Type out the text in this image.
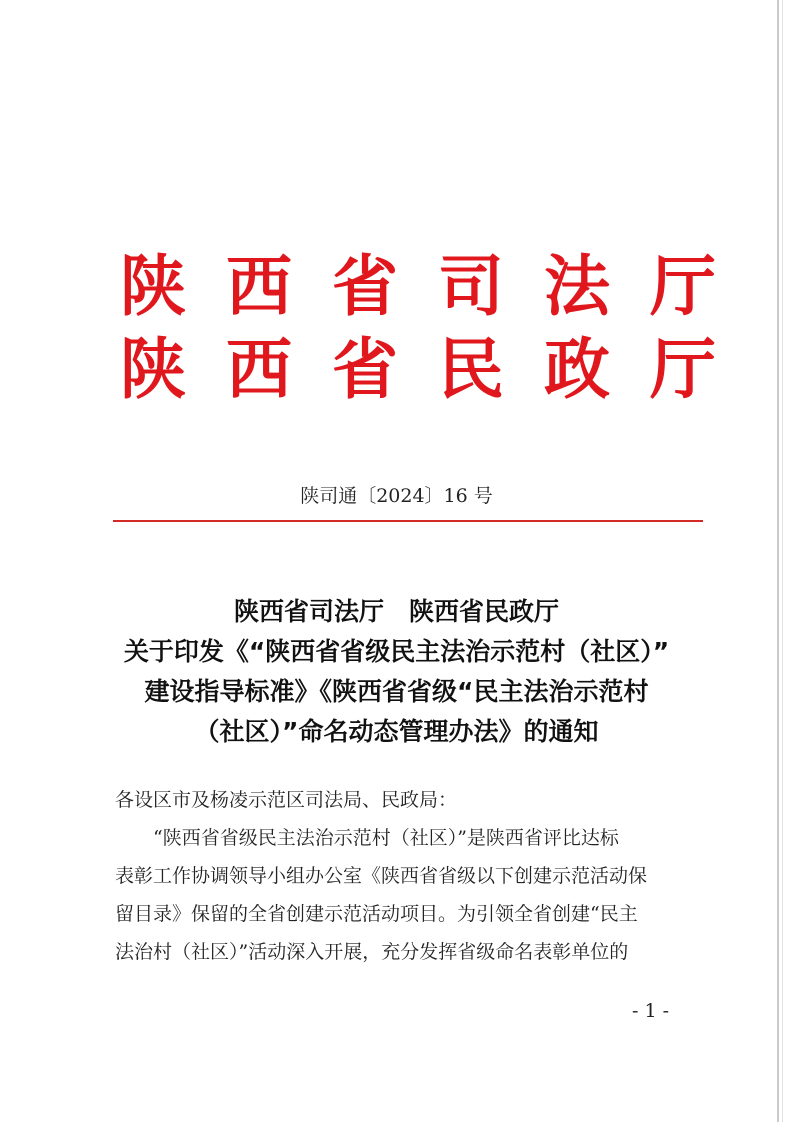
陕 西 省 司 法 厅
陕 西 省 民 政 厅
陕司通〔2024〕16 号
陕西省司法厅　陕西省民政厅
关于印发《“陕西省省级民主法治示范村（社区）”
建设指导标准》《陕西省省级“民主法治示范村
（社区）”命名动态管理办法》的通知

各设区市及杨凌示范区司法局、民政局：

“陕西省省级民主法治示范村（社区）”是陕西省评比达标

表彰工作协调领导小组办公室《陕西省省级以下创建示范活动保

留目录》保留的全省创建示范活动项目。为引领全省创建“民主

法治村（社区）”活动深入开展，充分发挥省级命名表彰单位的

- 1 -
